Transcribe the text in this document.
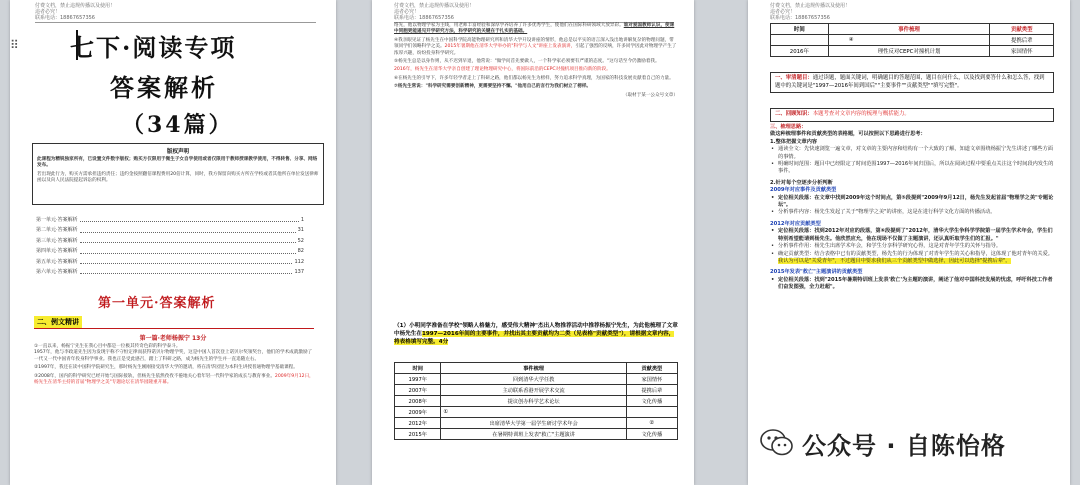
⠿
付费文档，禁止违规传播以及使用！
违者必究！
联系电话：18867657356
七下·阅读专项
答案解析
（34篇）
版权声明
此课程为精锐独家所有，已设置文件数字版权；购买方仅限用于微生子女自学使用或者仅限用于教师授课教学使用，不得转售、分享、网络发布。
若出现此行为，购买方需承担违约责任；违约金按照翻倍课程费用20倍计算，同时，我方保留向购买方所在学校或者其他所在单位发送律师函以及向人民法院提起诉讼的权利。
第一单元·答案解析	1
第二单元·答案解析	31
第三单元·答案解析	52
第四单元·答案解析	82
第五单元·答案解析	112
第六单元·答案解析	137
第一单元·答案解析
二、例文精讲
第一篇·老师杨振宁 13分

①一直以来，杨振宁先生在我心目中都是一位极其传奇色彩的科学泰斗。

1957年，他与李政道先生因为发现宇称不守恒定律而获得诺贝尔物理学奖，这是中国人首次登上诺贝尔奖领奖台，他们的学术成就激励了一代又一代中国青年投身科学事业。我也正是受此感召，踏上了科研之路，成为杨先生的学生并一直追随左右。

②1997年，我还在读中国科学院研究生，那时杨先生刚刚接受清华大学的邀请，将在清华园里为本科生讲授普通物理学基础课程。

③2008年，国内的科学研究已经开始与国际接轨，但杨先生依然孜孜不倦地关心着年轻一代科学家的成长与教育事业。2009年9月12日，杨先生在清华主持的首届"物理学之美"专题论坛在清华园隆重开幕。

付费文档，禁止违规传播以及使用！
违者必究！
联系电话：18867657356

络先，他以物理学家为主线，用老师丰富经验和深厚学养培养了许多优秀学生，使他们在国际科研领域大放异彩。谁对爱国教师认识，使课中同胞更能遥见开学研究方法，科学研究的关键在于扎实的基础。

④我亲眼见证了杨先生在中国科学院高能物理研究所和清华大学开设讲座的情形，他总是以平实的语言深入浅出地讲解复杂的物理问题，带领同学们领略科学之美。2015年暑期他在清华大学举办的"科学与人文"讲座上发表演讲，引起了强烈的反响，许多同学因此对物理学产生了浓厚兴趣，纷纷投身科学研究。

⑤杨先生总是以身作则，从不迟到早退，他常说："做学问首先要做人，一个科学家必须要有严谨的态度。"这句话至今仍激励着我。

2016年，杨先生在清华大学亲自创建了理论物理研究中心，将国际前沿的CEPC对撞机项目推向新的阶段。

⑥在杨先生的引导下，许多年轻学者走上了科研之路，他们都以杨先生为榜样，努力追求科学真理，为国家的科技发展贡献着自己的力量。

⑦杨先生常说："科学研究需要创新精神，更需要坚持不懈。"他用自己的言行为我们树立了榜样。

（取材于某一公众号文章）

（1）小明同学准备在学校"领略人格魅力，感受伟大精神"杰出人物推荐活动中推荐杨振宁先生，为此他梳理了文章中杨先生在1997—2016年间的主要事件，并找出其主要贡献均为二类（见表格"贡献类型"），请根据文章内容，将表格填写完整。4分
时间	事件梳理	贡献类型
1997年	回到清华大学任教	家国情怀
2007年	主动联系香港开展学术交流	提携后辈
2008年	提议创办科学艺术论坛	文化传播
2009年	①	
2012年	出席清华大学第一届学生研讨学术年会	②
2015年	在暑期特训班上发表"救亡"主题演讲	文化传播
付费文档，禁止违规传播以及使用！
违者必究！
联系电话：18867657356
时间	事件梳理	贡献类型
	④	提携后辈
2016年	理性反对CEPC对撞机计划	家国情怀
一、审清题目：通过读题，题面关键词，明确题目的答题范围，题目在问什么，以及找到要答什么和怎么答，找到题中的关键词是"1997—2016年间到国后""主要事件""贡献类型""填写完整"。
二、回顾知识：本题考查对文章内容的梳理与概括能力。
三、梳理思路：
做这种梳理事件和贡献类型的表格题，可以按照以下思路进行思考：
1.整体把握文章内容
• 通读全文：先快速浏览一遍文章，对文章的主要内容和结构有一个大致的了解，知道文章围绕杨振宁先生讲述了哪些方面的事情。
• 明确时间范围：题目中已经限定了时间范围1997—2016年间归国后，所以在阅读过程中要重点关注这个时间段内发生的事件。
2.针对每个空逐步分析判断
2009年对应事件及贡献类型
• 定位相关段落：在文章中找到2009年这个时间点，第⑤段提到"2009年9月12日，杨先生发起首届"物理学之美"专题论坛"。
• 分析事件内容：杨先生发起了关于"物理学之美"的讲座，这是在进行科学文化方面的传播活动。
2012年对应贡献类型
• 定位相关段落：找到2012年对应的段落，第⑥段提到了"2012年，清华大学生争科学学院第一届学生学术年会，学生们特别希望能请到杨先生。他欣然应允，他在现场不仅做了主题演讲，还认真听取学生们的汇报。"
• 分析事件作用：杨先生出席学术年会，和学生分享科学研究心得，这是对青年学生的关怀与指导。
• 确定贡献类型：结合表格中已有的贡献类型，杨先生的行为体现了对青年学生的关心和指导，这体现了他对青年的关爱。我认为可以是"关爱青年"，不过题目中要求我们从三个贡献类型中做选择，因此可以选择"提携后辈"。
2015年发表"救亡"主题演讲的贡献类型
• 定位相关段落：找到"2015年暑期特训班上发表'救亡'为主题的演讲，阐述了他对中国科技发展的忧虑，呼吁科技工作者们奋发图强，全力赶超"。
公众号 · 自陈怡格
